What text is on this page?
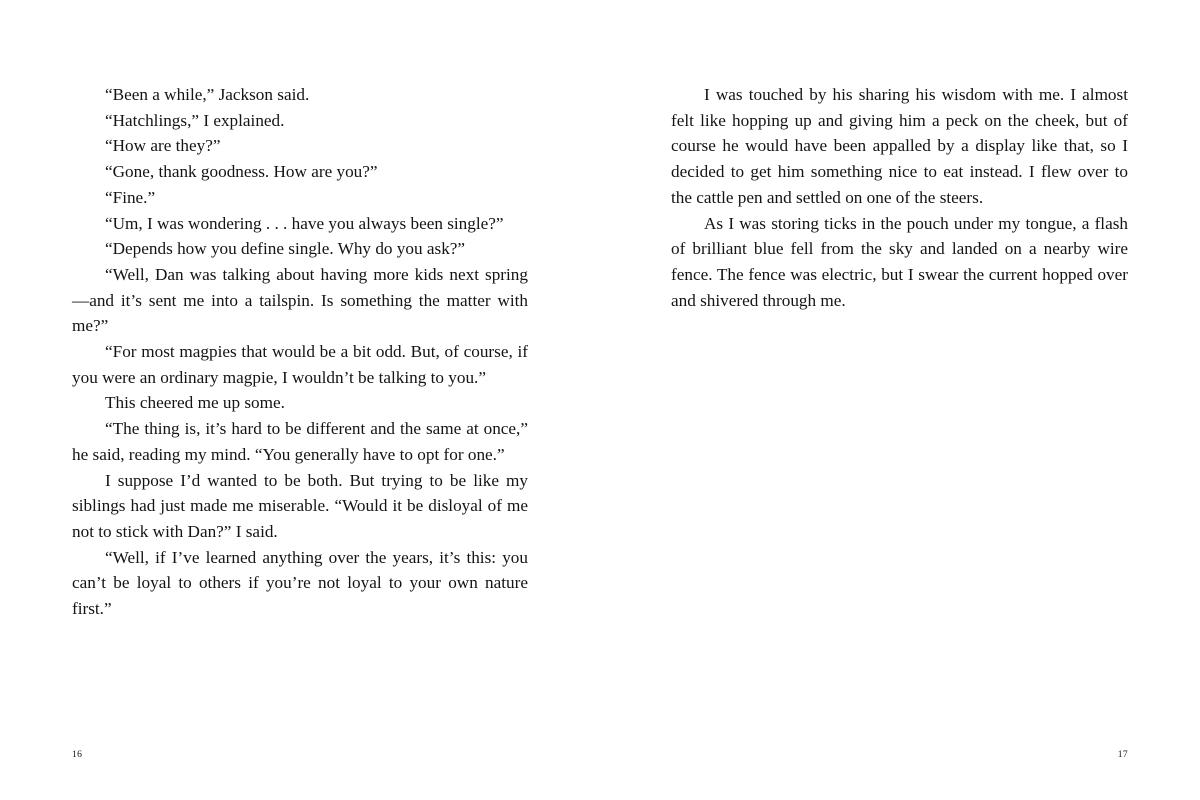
“Been a while,” Jackson said.

“Hatchlings,” I explained.

“How are they?”

“Gone, thank goodness. How are you?”

“Fine.”

“Um, I was wondering . . . have you always been single?”

“Depends how you define single. Why do you ask?”

“Well, Dan was talking about having more kids next spring—and it’s sent me into a tailspin. Is something the matter with me?”

“For most magpies that would be a bit odd. But, of course, if you were an ordinary magpie, I wouldn’t be talking to you.”

This cheered me up some.

“The thing is, it’s hard to be different and the same at once,” he said, reading my mind. “You generally have to opt for one.”

I suppose I’d wanted to be both. But trying to be like my siblings had just made me miserable. “Would it be disloyal of me not to stick with Dan?” I said.

“Well, if I’ve learned anything over the years, it’s this: you can’t be loyal to others if you’re not loyal to your own nature first.”

16

I was touched by his sharing his wisdom with me. I almost felt like hopping up and giving him a peck on the cheek, but of course he would have been appalled by a display like that, so I decided to get him something nice to eat instead. I flew over to the cattle pen and settled on one of the steers.

As I was storing ticks in the pouch under my tongue, a flash of brilliant blue fell from the sky and landed on a nearby wire fence. The fence was electric, but I swear the current hopped over and shivered through me.

17
